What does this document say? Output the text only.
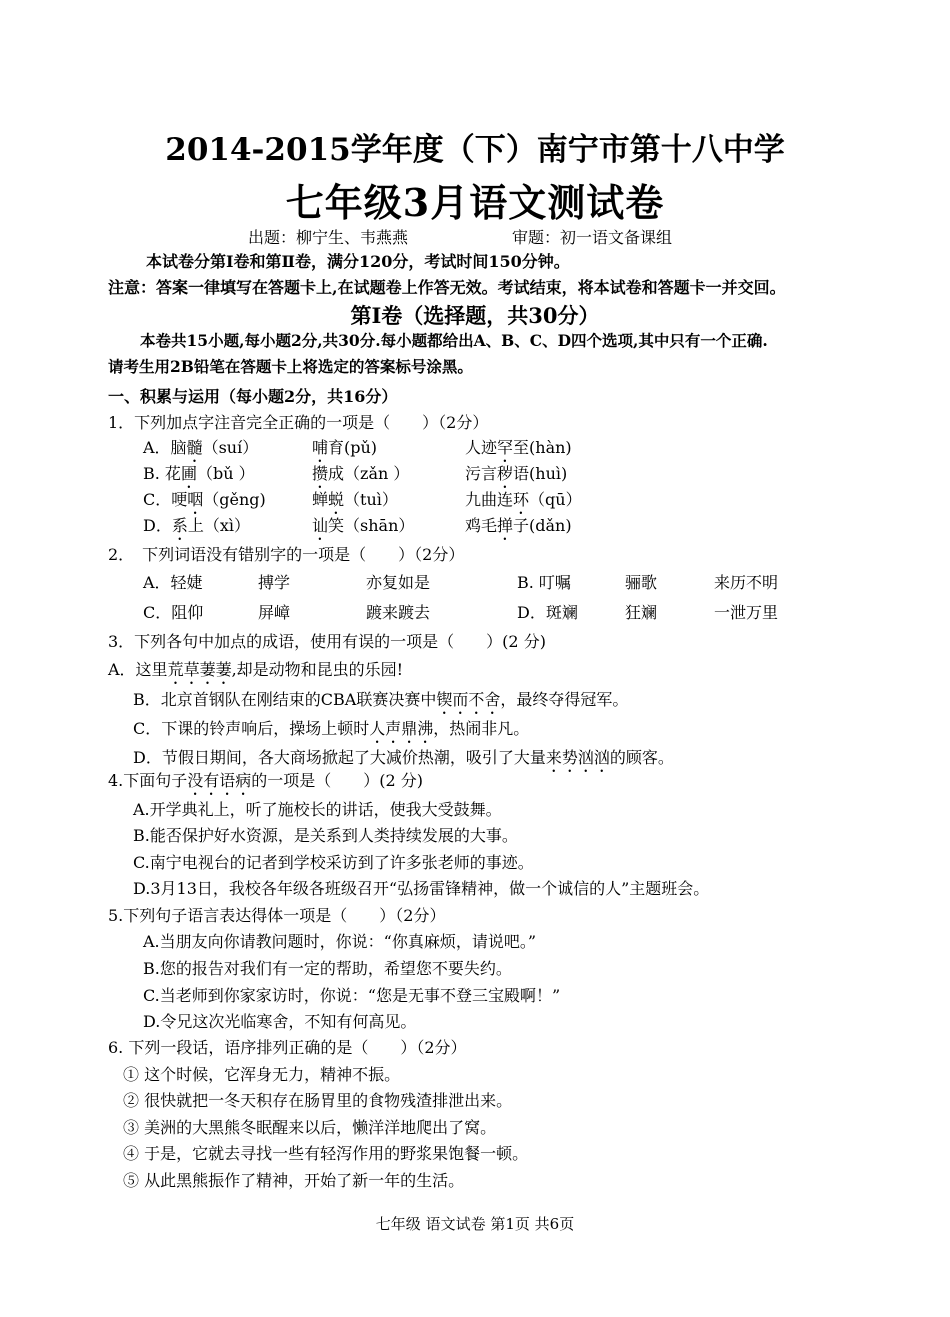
2014-2015学年度（下）南宁市第十八中学
七年级3月语文测试卷
出题：柳宁生、韦燕燕	审题：初一语文备课组
本试卷分第Ⅰ卷和第Ⅱ卷，满分120分，考试时间150分钟。
注意：答案一律填写在答题卡上,在试题卷上作答无效。考试结束，将本试卷和答题卡一并交回。
第Ⅰ卷（选择题，共30分）
本卷共15小题,每小题2分,共30分.每小题都给出A、B、C、D四个选项,其中只有一个正确.
请考生用2B铅笔在答题卡上将选定的答案标号涂黑。
一、积累与运用（每小题2分，共16分）
1．下列加点字注音完全正确的一项是（　　）（2分）
A．脑髓（suí）	哺育(pǔ)	人迹罕至(hàn)
B. 花圃（bǔ ）	攒成（zǎn ）	污言秽语(huì)
C．哽咽（gěng)	蝉蜕（tuì）	九曲连环（qū）
D．系上（xì）	讪笑（shān）	鸡毛掸子(dǎn)
2．　下列词语没有错别字的一项是（　　）（2分）
A．轻婕	搏学	亦复如是	B. 叮嘱	骊歌	来历不明
C．阻仰	屏嶂	踱来踱去	D．斑斓	狂斓	一泄万里
3．下列各句中加点的成语，使用有误的一项是（　　）(2 分)
A．这里荒草萋萋,却是动物和昆虫的乐园!
B．北京首钢队在刚结束的CBA联赛决赛中锲而不舍，最终夺得冠军。
C．下课的铃声响后，操场上顿时人声鼎沸，热闹非凡。
D．节假日期间，各大商场掀起了大减价热潮，吸引了大量来势汹汹的顾客。
4.下面句子没有语病的一项是（　　）(2 分)
A.开学典礼上，听了施校长的讲话，使我大受鼓舞。
B.能否保护好水资源，是关系到人类持续发展的大事。
C.南宁电视台的记者到学校采访到了许多张老师的事迹。
D.3月13日，我校各年级各班级召开“弘扬雷锋精神，做一个诚信的人”主题班会。
5.下列句子语言表达得体一项是（　　）（2分）
A.当朋友向你请教问题时，你说：“你真麻烦，请说吧。”
B.您的报告对我们有一定的帮助，希望您不要失约。
C.当老师到你家家访时，你说：“您是无事不登三宝殿啊！”
D.令兄这次光临寒舍，不知有何高见。
6. 下列一段话，语序排列正确的是（　　）（2分）
① 这个时候，它浑身无力，精神不振。
② 很快就把一冬天积存在肠胃里的食物残渣排泄出来。
③ 美洲的大黑熊冬眠醒来以后，懒洋洋地爬出了窝。
④ 于是，它就去寻找一些有轻泻作用的野浆果饱餐一顿。
⑤ 从此黑熊振作了精神，开始了新一年的生活。
七年级 语文试卷 第1页 共6页
